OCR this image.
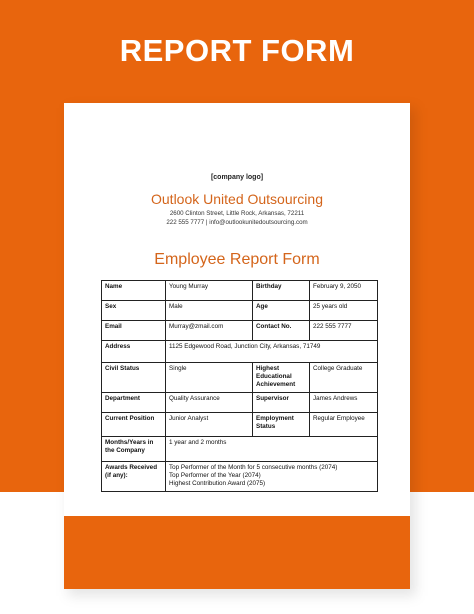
REPORT FORM
[company logo]
Outlook United Outsourcing
2600 Clinton Street, Little Rock, Arkansas, 72211
222 555 7777 | info@outlookunitedoutsourcing.com
Employee Report Form
Name	Young Murray	Birthday	February 9, 2050
Sex	Male	Age	25 years old
Email	Murray@zmail.com	Contact No.	222 555 7777
Address	1125 Edgewood Road, Junction City, Arkansas, 71749		
Civil Status	Single	Highest Educational Achievement	College Graduate
Department	Quality Assurance	Supervisor	James Andrews
Current Position	Junior Analyst	Employment Status	Regular Employee
Months/Years in the Company	1 year and 2 months		
Awards Received (if any):	Top Performer of the Month for 5 consecutive months (2074)
Top Performer of the Year (2074)
Highest Contribution Award (2075)		
